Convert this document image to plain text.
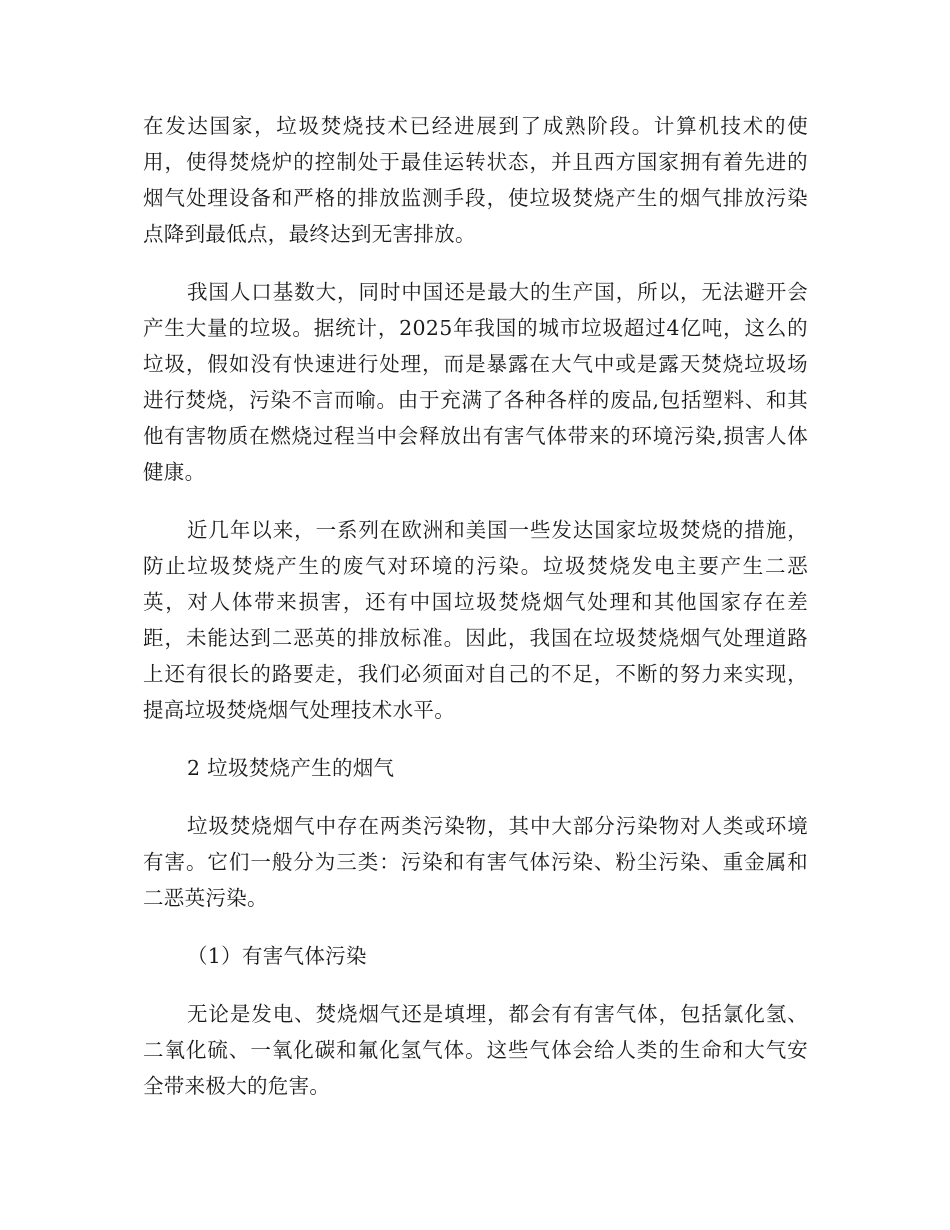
在发达国家，垃圾焚烧技术已经进展到了成熟阶段。计算机技术的使用，使得焚烧炉的控制处于最佳运转状态，并且西方国家拥有着先进的烟气处理设备和严格的排放监测手段，使垃圾焚烧产生的烟气排放污染点降到最低点，最终达到无害排放。

我国人口基数大，同时中国还是最大的生产国，所以，无法避开会产生大量的垃圾。据统计，2025年我国的城市垃圾超过4亿吨，这么的垃圾，假如没有快速进行处理，而是暴露在大气中或是露天焚烧垃圾场进行焚烧，污染不言而喻。由于充满了各种各样的废品,包括塑料、和其他有害物质在燃烧过程当中会释放出有害气体带来的环境污染,损害人体健康。

近几年以来，一系列在欧洲和美国一些发达国家垃圾焚烧的措施，防止垃圾焚烧产生的废气对环境的污染。垃圾焚烧发电主要产生二恶英，对人体带来损害，还有中国垃圾焚烧烟气处理和其他国家存在差距，未能达到二恶英的排放标准。因此，我国在垃圾焚烧烟气处理道路上还有很长的路要走，我们必须面对自己的不足，不断的努力来实现，提高垃圾焚烧烟气处理技术水平。

2 垃圾焚烧产生的烟气

垃圾焚烧烟气中存在两类污染物，其中大部分污染物对人类或环境有害。它们一般分为三类：污染和有害气体污染、粉尘污染、重金属和二恶英污染。

（1）有害气体污染

无论是发电、焚烧烟气还是填埋，都会有有害气体，包括氯化氢、二氧化硫、一氧化碳和氟化氢气体。这些气体会给人类的生命和大气安全带来极大的危害。
